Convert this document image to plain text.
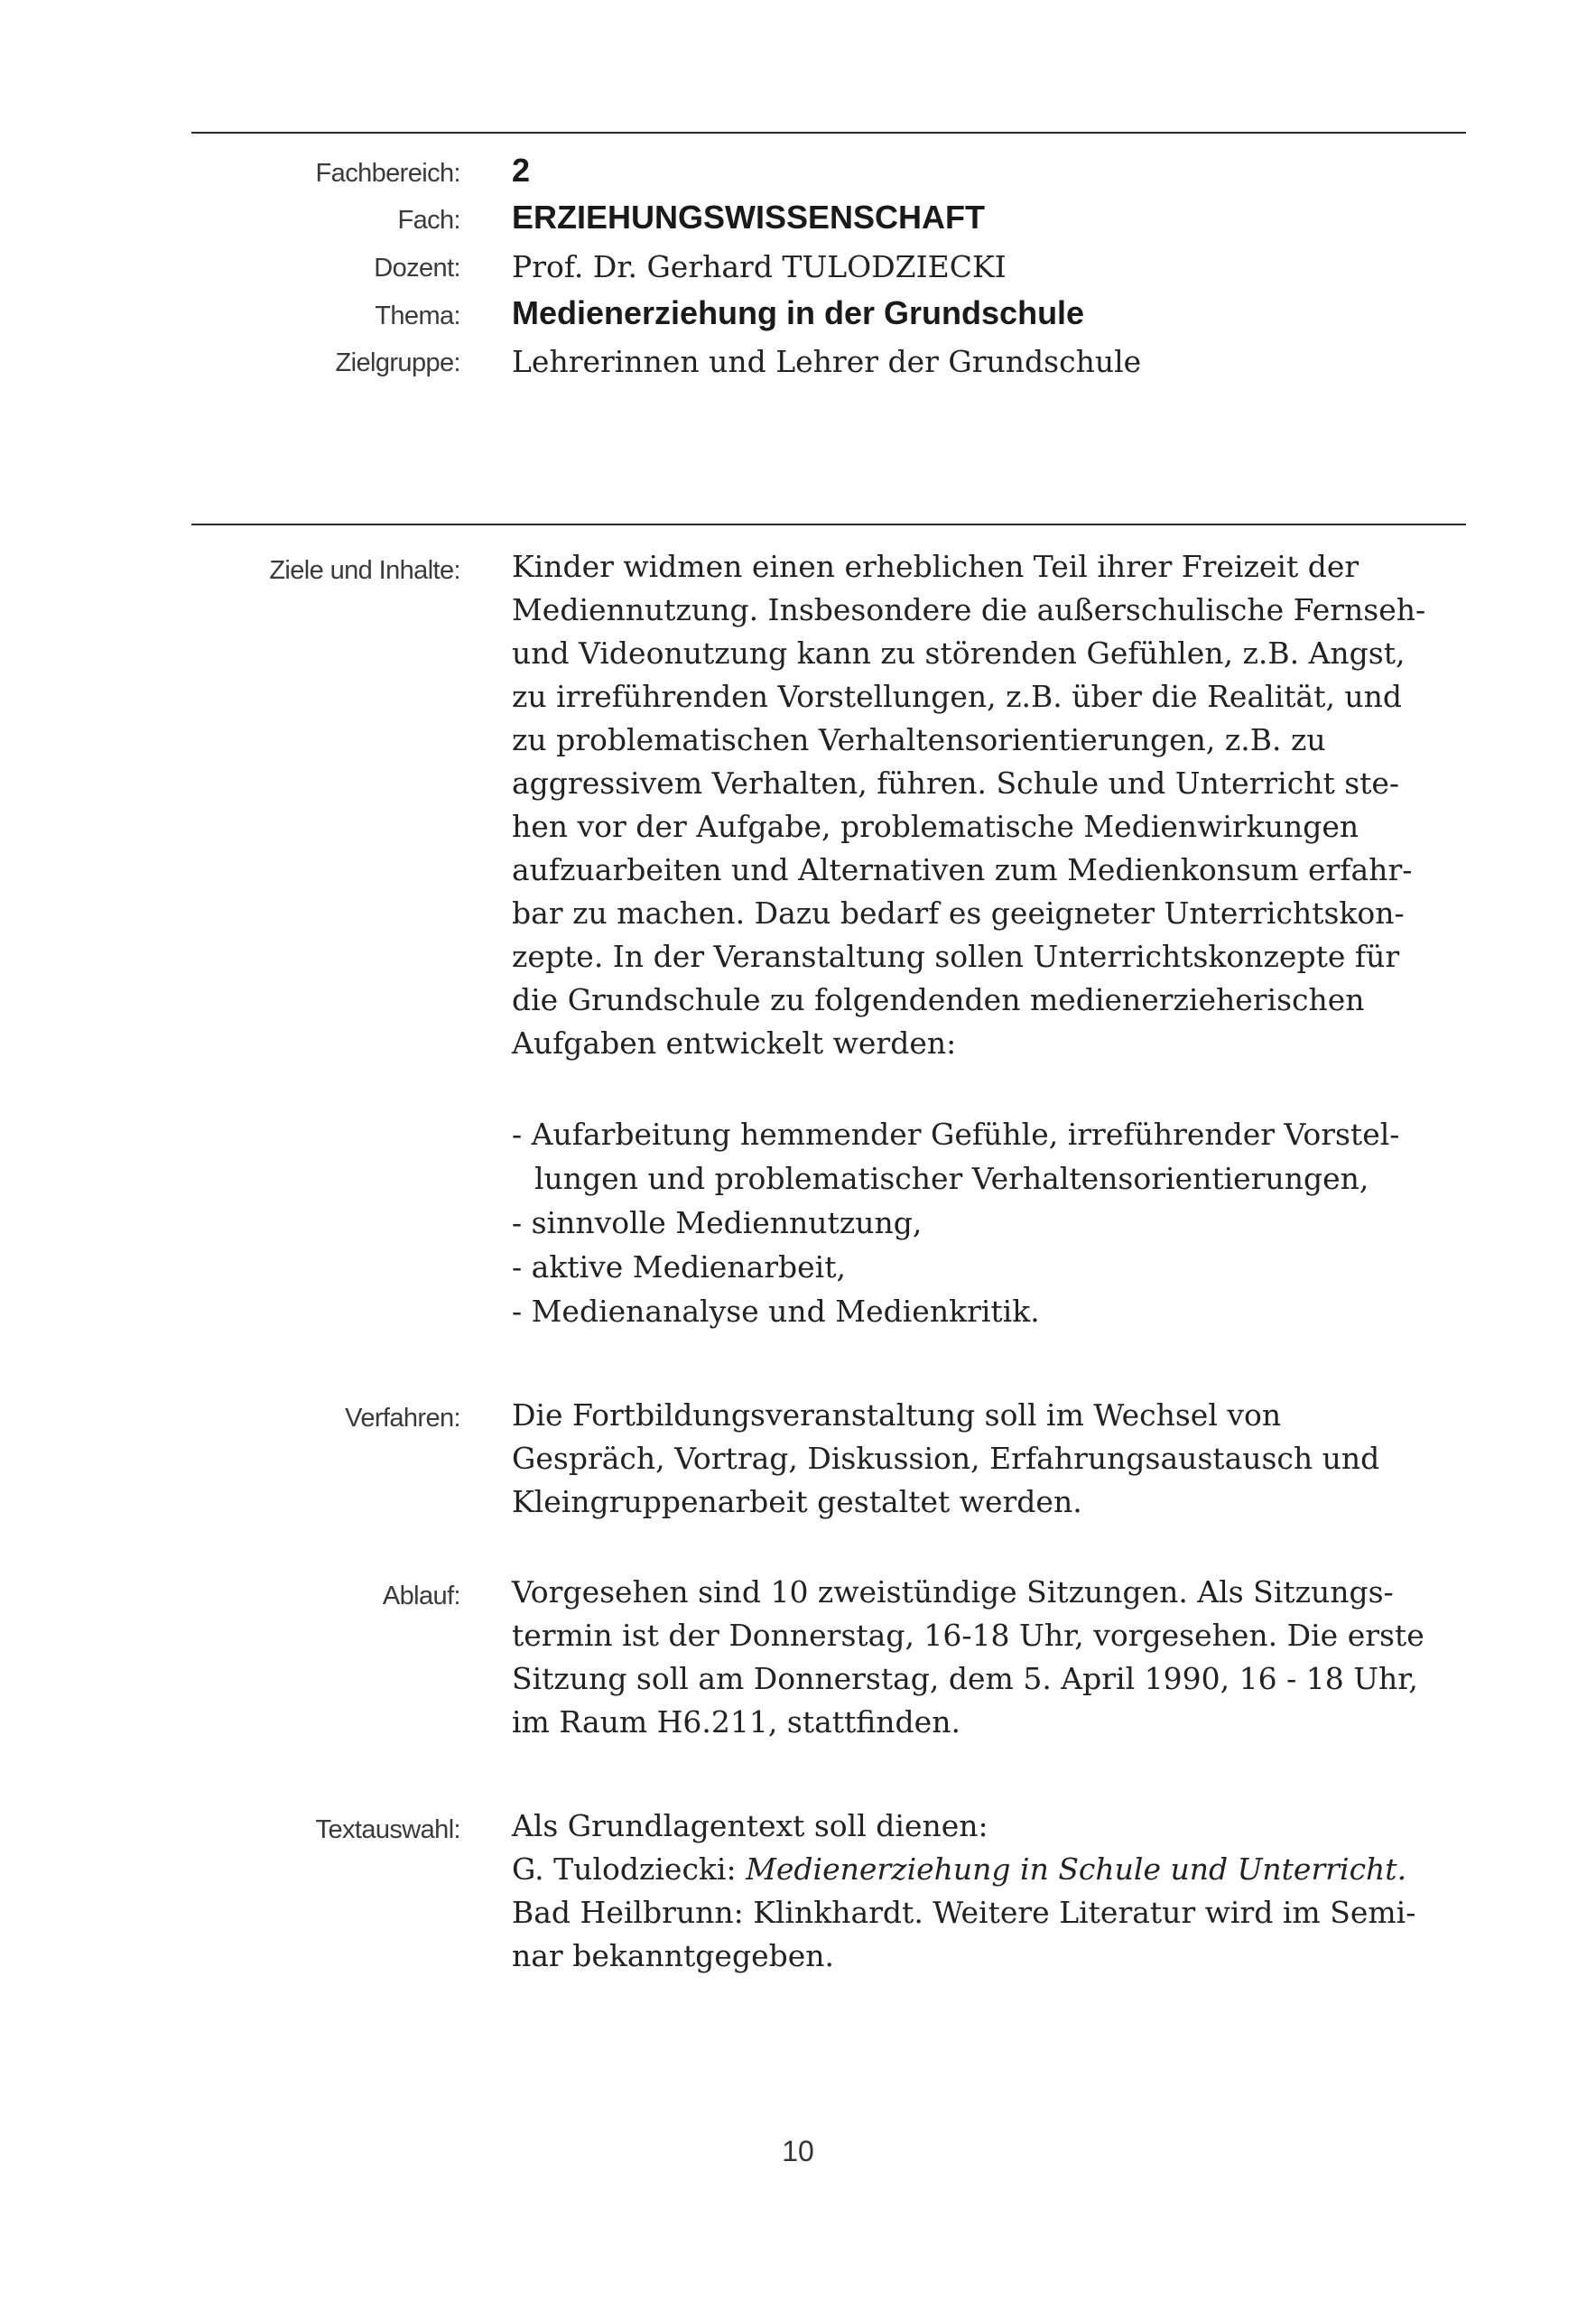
Fachbereich:
Fach:
Dozent:
Thema:
Zielgruppe:
2
ERZIEHUNGSWISSENSCHAFT
Prof. Dr. Gerhard TULODZIECKI
Medienerziehung in der Grundschule
Lehrerinnen und Lehrer der Grundschule
Ziele und Inhalte: Kinder widmen einen erheblichen Teil ihrer Freizeit der
Mediennutzung. Insbesondere die außerschulische Fernseh-
und Videonutzung kann zu störenden Gefühlen, z.B. Angst,
zu irreführenden Vorstellungen, z.B. über die Realität, und
zu problematischen Verhaltensorientierungen, z.B. zu
aggressivem Verhalten, führen. Schule und Unterricht ste-
hen vor der Aufgabe, problematische Medienwirkungen
aufzuarbeiten und Alternativen zum Medienkonsum erfahr-
bar zu machen. Dazu bedarf es geeigneter Unterrichtskon-
zepte. In der Veranstaltung sollen Unterrichtskonzepte für
die Grundschule zu folgendenden medienerzieherischen
Aufgaben entwickelt werden:
- Aufarbeitung hemmender Gefühle, irreführender Vorstel-
lungen und problematischer Verhaltensorientierungen,
- sinnvolle Mediennutzung,
- aktive Medienarbeit,
- Medienanalyse und Medienkritik.
Verfahren: Die Fortbildungsveranstaltung soll im Wechsel von
Gespräch, Vortrag, Diskussion, Erfahrungsaustausch und
Kleingruppenarbeit gestaltet werden.
Ablauf: Vorgesehen sind 10 zweistündige Sitzungen. Als Sitzungs-
termin ist der Donnerstag, 16-18 Uhr, vorgesehen. Die erste
Sitzung soll am Donnerstag, dem 5. April 1990, 16 - 18 Uhr,
im Raum H6.211, stattfinden.
Textauswahl: Als Grundlagentext soll dienen:
G. Tulodziecki: Medienerziehung in Schule und Unterricht.
Bad Heilbrunn: Klinkhardt. Weitere Literatur wird im Semi-
nar bekanntgegeben.
10
